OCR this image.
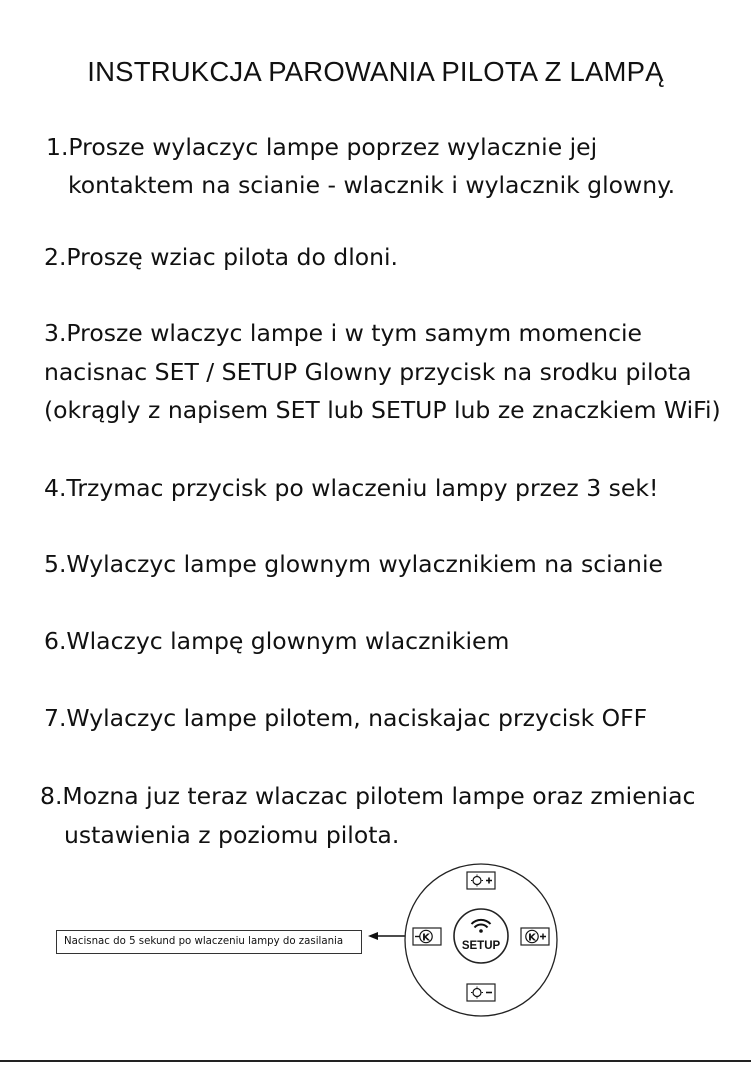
INSTRUKCJA PAROWANIA PILOTA Z LAMPĄ

1.Prosze wylaczyc lampe poprzez wylacznie jej

kontaktem na scianie - wlacznik i wylacznik glowny.

2.Proszę wziac pilota do dloni.

3.Prosze wlaczyc lampe i w tym samym momencie

nacisnac SET / SETUP Glowny przycisk na srodku pilota

(okrągly z napisem SET lub SETUP lub ze znaczkiem WiFi)

4.Trzymac przycisk po wlaczeniu lampy przez 3 sek!

5.Wylaczyc lampe glownym wylacznikiem na scianie

6.Wlaczyc lampę glownym wlacznikiem

7.Wylaczyc lampe pilotem, naciskajac przycisk OFF

8.Mozna juz teraz wlaczac pilotem lampe oraz zmieniac

ustawienia z poziomu pilota.

Nacisnac do 5 sekund po wlaczeniu lampy do zasilania	SETUP
K	K
